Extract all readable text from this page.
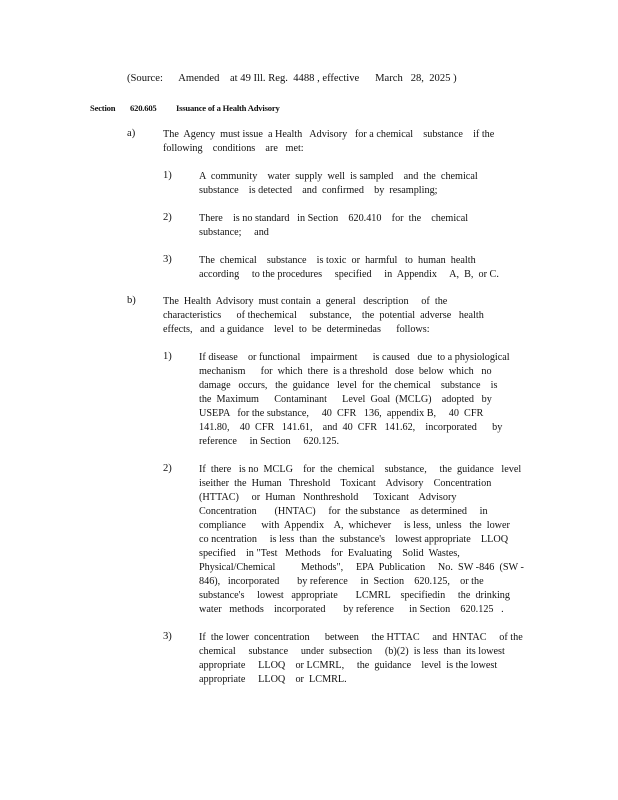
(Source:      Amended    at 49 Ill. Reg.  4488 , effective      March   28,  2025 )
Section 620.605 Issuance of a Health Advisory
a)	The  Agency  must issue  a Health   Advisory   for a chemical    substance    if the
following    conditions    are   met:
1)	A  community    water  supply  well  is sampled    and  the  chemical
substance    is detected    and  confirmed    by  resampling;
2)	There    is no standard   in Section    620.410    for  the    chemical
substance;     and
3)	The  chemical    substance    is toxic  or  harmful   to  human  health
according     to the procedures     specified     in  Appendix     A,  B,  or C.
b)	The  Health  Advisory  must contain  a  general   description     of  the
characteristics      of thechemical     substance,    the  potential  adverse   health
effects,   and  a guidance    level  to  be  determinedas      follows:
1)	If disease    or functional    impairment      is caused   due  to a physiological
mechanism      for  which  there  is a threshold   dose  below  which   no
damage   occurs,   the  guidance   level  for  the chemical    substance    is
the  Maximum      Contaminant      Level  Goal  (MCLG)    adopted   by
USEPA   for the substance,     40  CFR   136,  appendix B,     40  CFR
141.80,    40  CFR   141.61,    and  40  CFR   141.62,    incorporated      by
reference     in Section     620.125.
2)	If  there   is no  MCLG    for  the  chemical    substance,     the  guidance   level
iseither  the  Human   Threshold    Toxicant    Advisory    Concentration
(HTTAC)     or  Human   Nonthreshold      Toxicant    Advisory
Concentration       (HNTAC)     for  the substance    as determined     in
compliance      with  Appendix    A,  whichever     is less,  unless   the  lower
co ncentration     is less  than  the  substance's    lowest appropriate    LLOQ
specified    in "Test   Methods    for  Evaluating    Solid  Wastes,
Physical/Chemical          Methods",     EPA  Publication     No.  SW -846  (SW -
846),   incorporated       by reference     in  Section    620.125,    or the
substance's     lowest   appropriate       LCMRL    specifiedin     the  drinking
water   methods    incorporated       by reference      in Section    620.125   .
3)	If  the lower  concentration      between     the HTTAC     and  HNTAC     of the
chemical     substance     under  subsection     (b)(2)  is less  than  its lowest
appropriate     LLOQ    or LCMRL,     the  guidance    level  is the lowest
appropriate     LLOQ    or  LCMRL.
